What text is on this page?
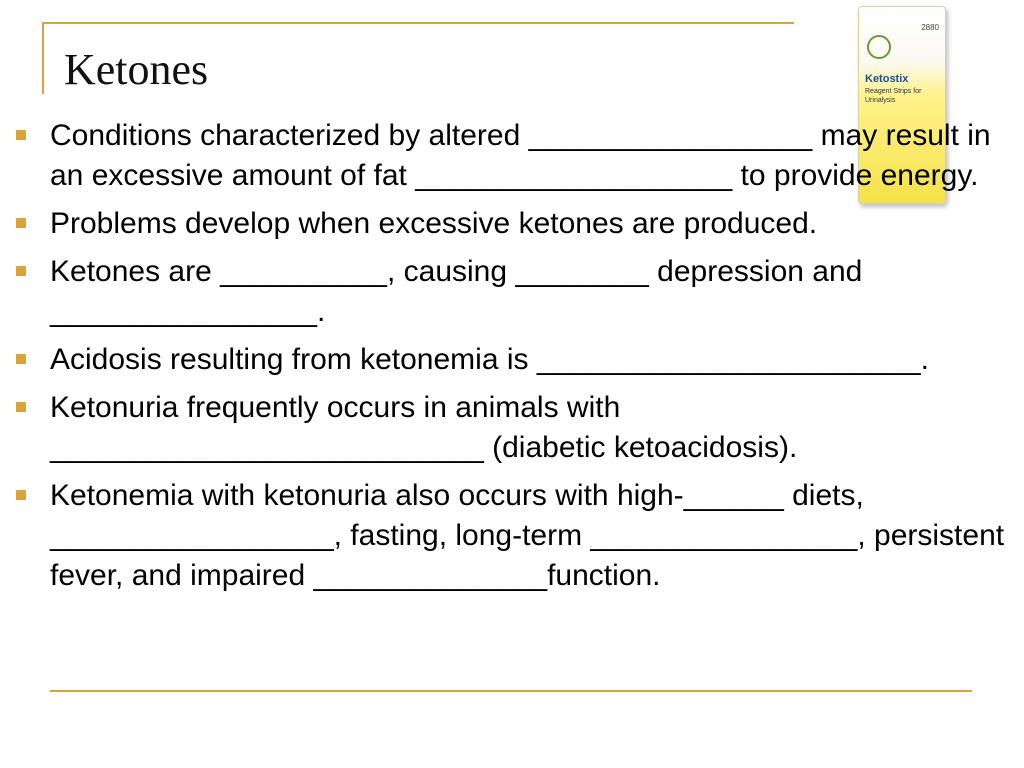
Ketones
2880
Ketostix
Reagent Strips for Urinalysis
Conditions characterized by altered _________________ may result in an excessive amount of fat ___________________ to provide energy.
Problems develop when excessive ketones are produced.
Ketones are __________, causing ________ depression and ________________.
Acidosis resulting from ketonemia is _______________________.
Ketonuria frequently occurs in animals with __________________________ (diabetic ketoacidosis).
Ketonemia with ketonuria also occurs with high-______ diets, _________________, fasting, long-term ________________, persistent fever, and impaired ______________function.
